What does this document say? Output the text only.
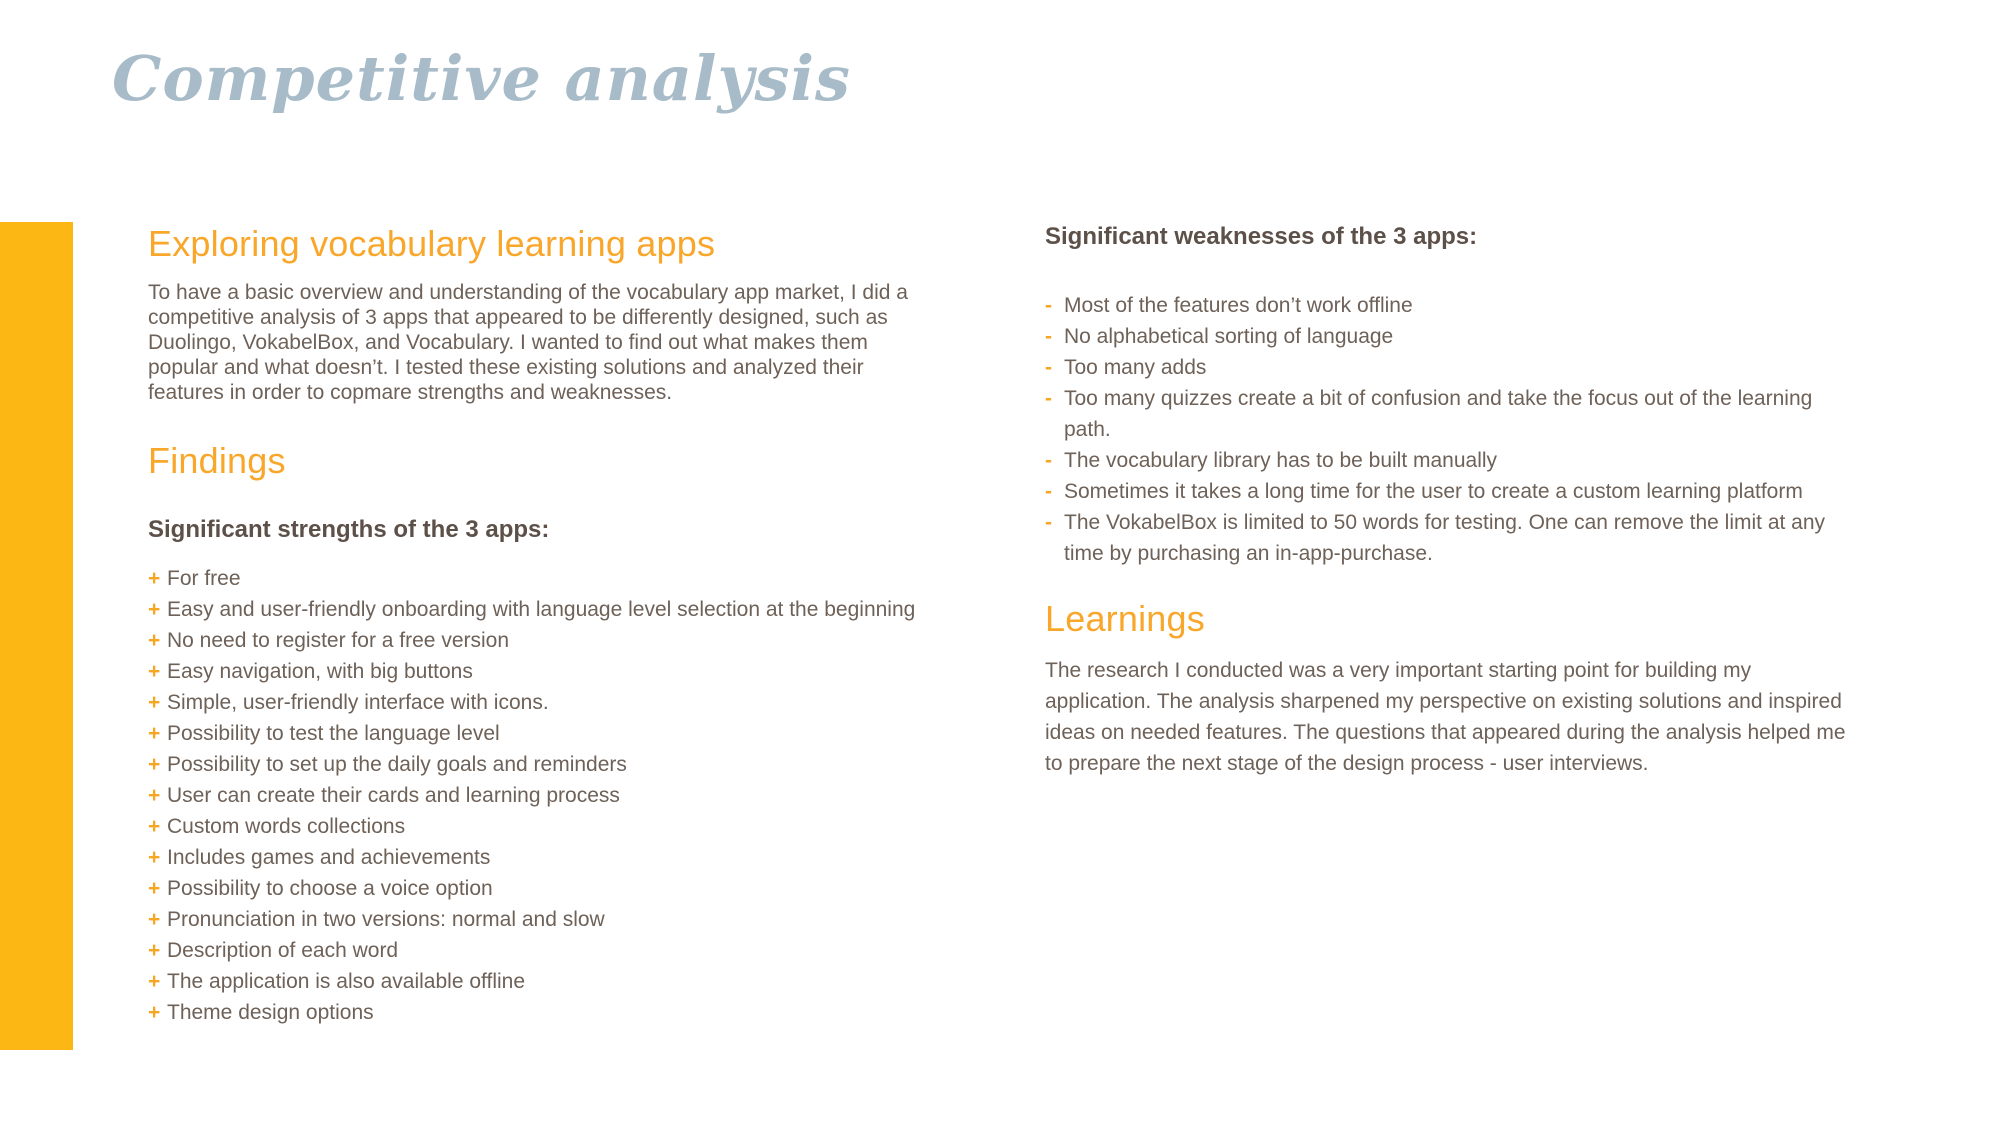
Competitive analysis
Exploring vocabulary learning apps

To have a basic overview and understanding of the vocabulary app market, I did a competitive analysis of 3 apps that appeared to be differently designed, such as Duolingo, VokabelBox, and Vocabulary. I wanted to find out what makes them popular and what doesn’t. I tested these existing solutions and analyzed their features in order to copmare strengths and weaknesses.

Findings
Significant strengths of the 3 apps:
+ For free
+ Easy and user-friendly onboarding with language level selection at the beginning
+ No need to register for a free version
+ Easy navigation, with big buttons
+ Simple, user-friendly interface with icons.
+ Possibility to test the language level
+ Possibility to set up the daily goals and reminders
+ User can create their cards and learning process
+ Custom words collections
+ Includes games and achievements
+ Possibility to choose a voice option
+ Pronunciation in two versions: normal and slow
+ Description of each word
+ The application is also available offline
+ Theme design options
Significant weaknesses of the 3 apps:
- Most of the features don’t work offline
- No alphabetical sorting of language
- Too many adds
- Too many quizzes create a bit of confusion and take the focus out of the learning path.
- The vocabulary library has to be built manually
- Sometimes it takes a long time for the user to create a custom learning platform
- The VokabelBox is limited to 50 words for testing. One can remove the limit at any time by purchasing an in-app-purchase.
Learnings

The research I conducted was a very important starting point for building my application. The analysis sharpened my perspective on existing solutions and inspired ideas on needed features. The questions that appeared during the analysis helped me to prepare the next stage of the design process - user interviews.
